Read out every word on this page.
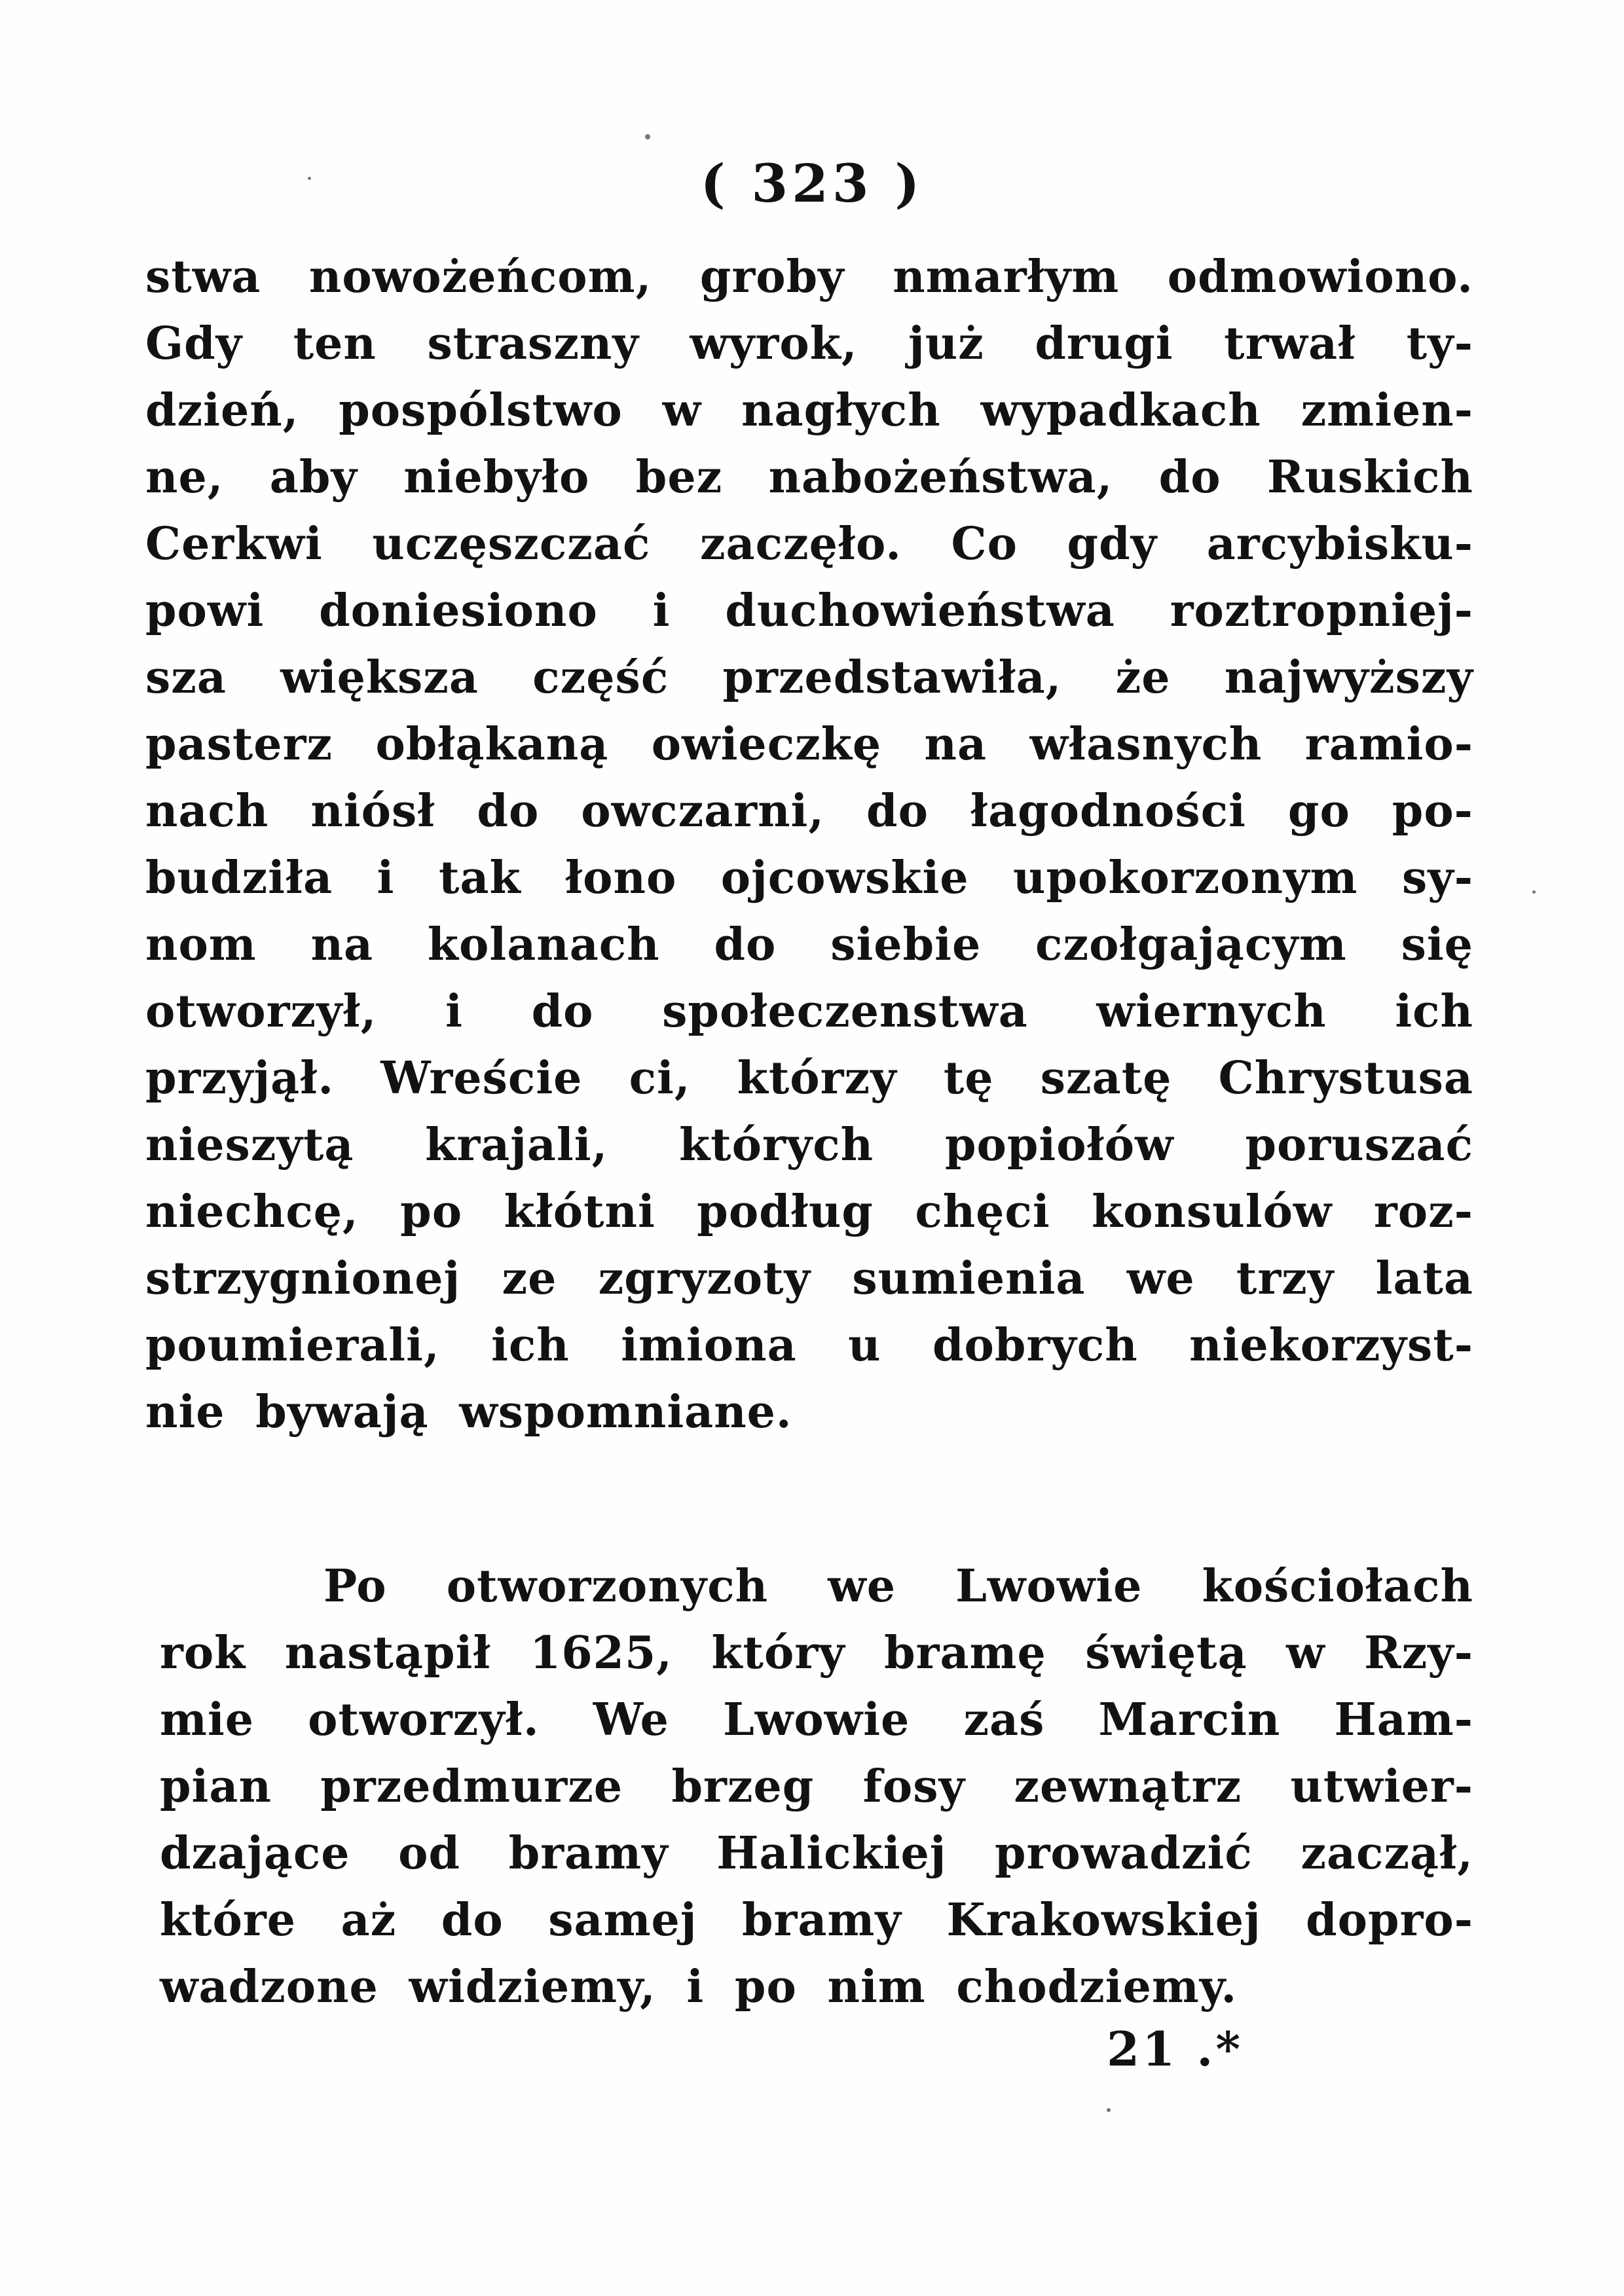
( 323 )
stwa nowożeńcom, groby nmarłym odmowiono.
Gdy ten straszny wyrok, już drugi trwał ty-
dzień, pospólstwo w nagłych wypadkach zmien-
ne, aby niebyło bez nabożeństwa, do Ruskich
Cerkwi uczęszczać zaczęło. Co gdy arcybisku-
powi doniesiono i duchowieństwa roztropniej-
sza większa część przedstawiła, że najwyższy
pasterz obłąkaną owieczkę na własnych ramio-
nach niósł do owczarni, do łagodności go po-
budziła i tak łono ojcowskie upokorzonym sy-
nom na kolanach do siebie czołgającym się
otworzył, i do społeczenstwa wiernych ich
przyjął. Wreście ci, którzy tę szatę Chrystusa
nieszytą krajali, których popiołów poruszać
niechcę, po kłótni podług chęci konsulów roz-
strzygnionej ze zgryzoty sumienia we trzy lata
poumierali, ich imiona u dobrych niekorzyst-
nie bywają wspomniane.
Po otworzonych we Lwowie kościołach
rok nastąpił 1625, który bramę świętą w Rzy-
mie otworzył. We Lwowie zaś Marcin Ham-
pian przedmurze brzeg fosy zewnątrz utwier-
dzające od bramy Halickiej prowadzić zaczął,
które aż do samej bramy Krakowskiej dopro-
wadzone widziemy, i po nim chodziemy.
21 .*
